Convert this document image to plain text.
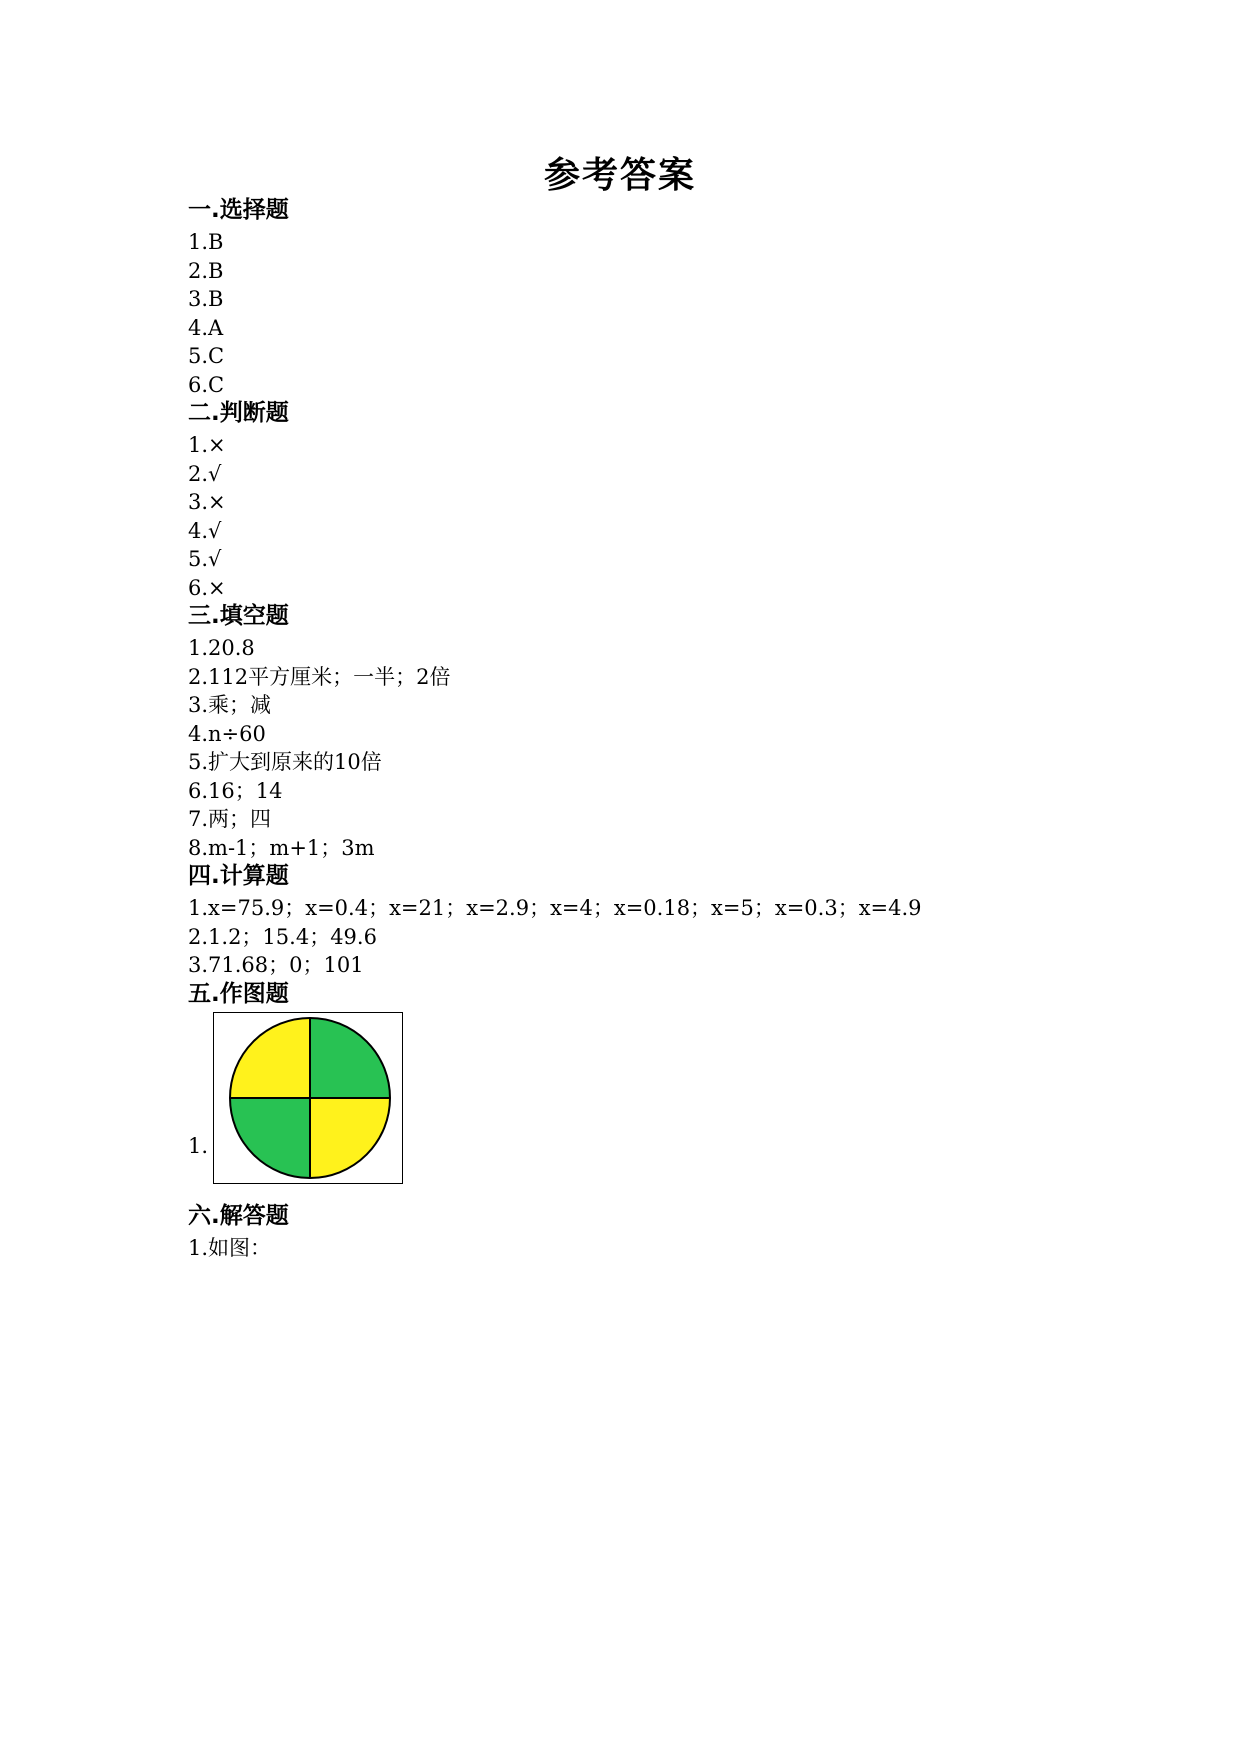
参考答案
一.选择题
1.B
2.B
3.B
4.A
5.C
6.C
二.判断题
1.×
2.√
3.×
4.√
5.√
6.×
三.填空题
1.20.8
2.112平方厘米；一半；2倍
3.乘；减
4.n÷60
5.扩大到原来的10倍
6.16；14
7.两；四
8.m-1；m+1；3m
四.计算题
1.x=75.9；x=0.4；x=21；x=2.9；x=4；x=0.18；x=5；x=0.3；x=4.9
2.1.2；15.4；49.6
3.71.68；0；101
五.作图题
1.
六.解答题
1.如图：
